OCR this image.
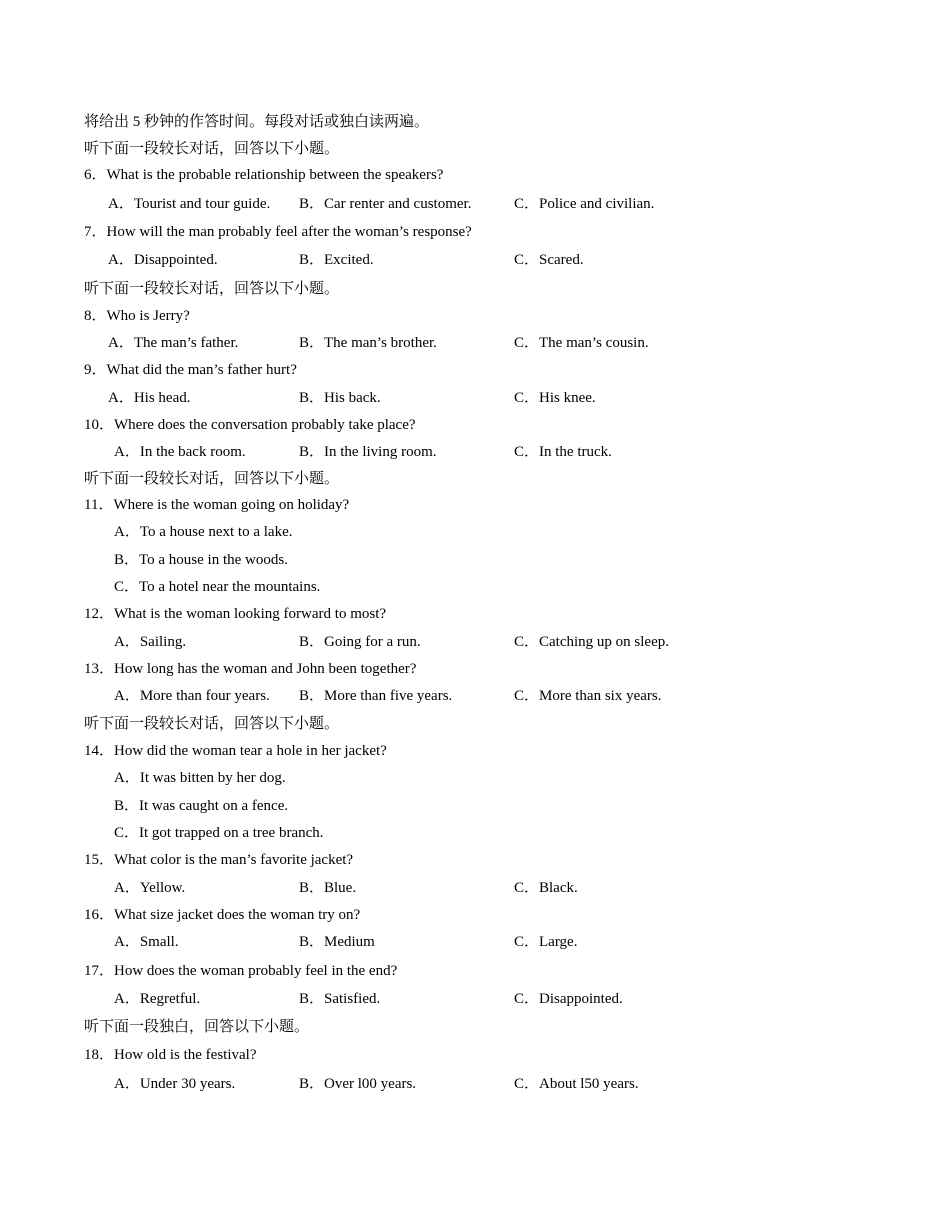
将给出 5 秒钟的作答时间。每段对话或独白读两遍。
听下面一段较长对话，回答以下小题。
6．What is the probable relationship between the speakers?
A．Tourist and tour guide. B．Car renter and customer.	C．Police and civilian.
7．How will the man probably feel after the woman’s response?
A．Disappointed.	B．Excited.	C．Scared.
听下面一段较长对话，回答以下小题。
8．Who is Jerry?
A．The man’s father.	B．The man’s brother.	C．The man’s cousin.
9．What did the man’s father hurt?
A．His head.	B．His back.	C．His knee.
10．Where does the conversation probably take place?
A．In the back room.	B．In the living room.	C．In the truck.
听下面一段较长对话，回答以下小题。
11．Where is the woman going on holiday?
A．To a house next to a lake.
B．To a house in the woods.
C．To a hotel near the mountains.
12．What is the woman looking forward to most?
A．Sailing.	B．Going for a run.	C．Catching up on sleep.
13．How long has the woman and John been together?
A．More than four years. B．More than five years.	C．More than six years.
听下面一段较长对话，回答以下小题。
14．How did the woman tear a hole in her jacket?
A．It was bitten by her dog.
B．It was caught on a fence.
C．It got trapped on a tree branch.
15．What color is the man’s favorite jacket?
A．Yellow.	B．Blue.	C．Black.
16．What size jacket does the woman try on?
A．Small.	B．Medium	C．Large.
17．How does the woman probably feel in the end?
A．Regretful.	B．Satisfied.	C．Disappointed.
听下面一段独白，回答以下小题。
18．How old is the festival?
A．Under 30 years.	B．Over l00 years.	C．About l50 years.
